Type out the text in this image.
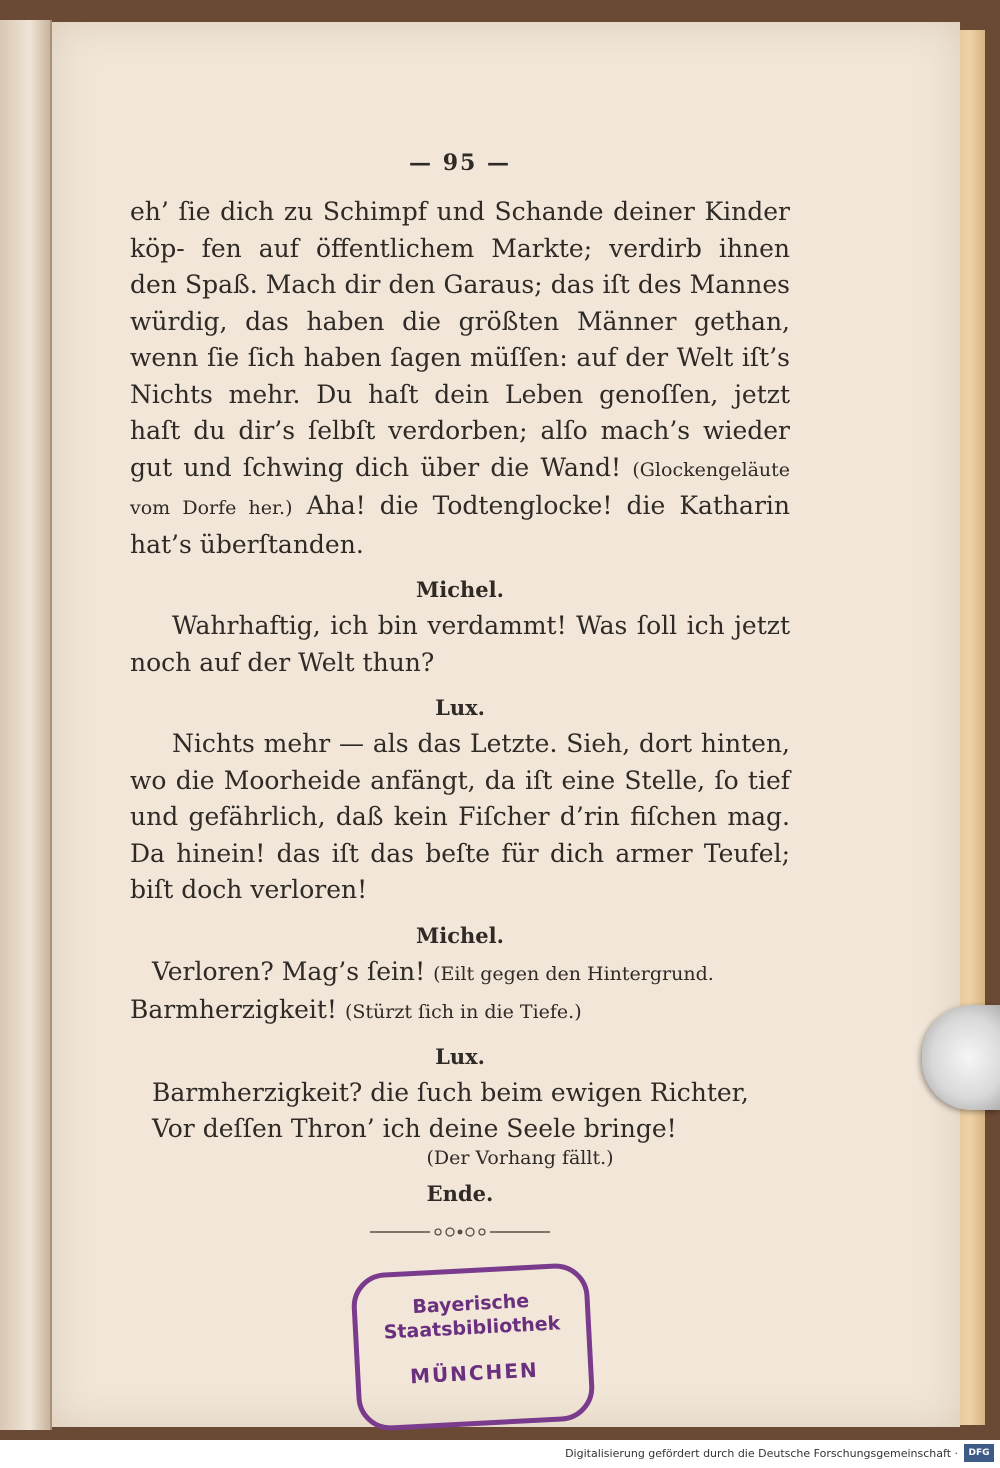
— 95 —

eh’ ſie dich zu Schimpf und Schande deiner Kinder köp- fen auf öffentlichem Markte; verdirb ihnen den Spaß. Mach dir den Garaus; das iſt des Mannes würdig, das haben die größten Männer gethan, wenn ſie ſich haben ſagen müſſen: auf der Welt iſt’s Nichts mehr. Du haſt dein Leben genoſſen, jetzt haſt du dir’s ſelbſt verdorben; alſo mach’s wieder gut und ſchwing dich über die Wand! (Glockengeläute vom Dorfe her.) Aha! die Todtenglocke! die Katharin hat’s überſtanden.

Michel.

Wahrhaftig, ich bin verdammt! Was ſoll ich jetzt noch auf der Welt thun?

Lux.

Nichts mehr — als das Letzte. Sieh, dort hinten, wo die Moorheide anfängt, da iſt eine Stelle, ſo tief und gefährlich, daß kein Fiſcher d’rin fiſchen mag. Da hinein! das iſt das beſte für dich armer Teufel; biſt doch verloren!

Michel.

Verloren? Mag’s ſein! (Eilt gegen den Hintergrund.

Barmherzigkeit! (Stürzt ſich in die Tiefe.)

Lux.

Barmherzigkeit? die ſuch beim ewigen Richter,

Vor deſſen Thron’ ich deine Seele bringe!

(Der Vorhang fällt.)

Ende.
Bayerische
Staatsbibliothek
MÜNCHEN
Digitalisierung gefördert durch die Deutsche Forschungsgemeinschaft ·	DFG
